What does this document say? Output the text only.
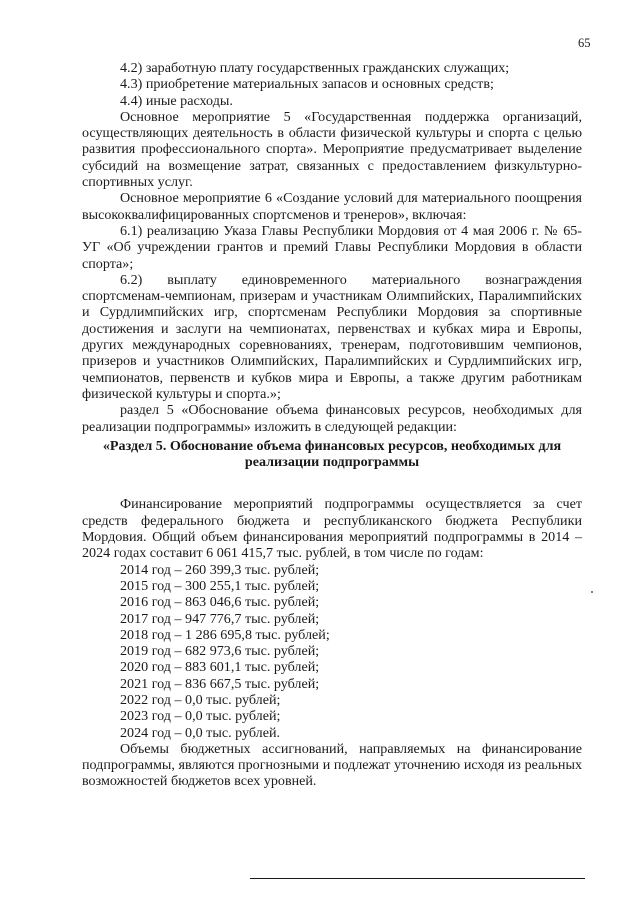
65

4.2) заработную плату государственных гражданских служащих;

4.3) приобретение материальных запасов и основных средств;

4.4) иные расходы.

Основное мероприятие 5 «Государственная поддержка организаций, осуществляющих деятельность в области физической культуры и спорта с целью развития профессионального спорта». Мероприятие предусматривает выделение субсидий на возмещение затрат, связанных с предоставлением физкультурно-спортивных услуг.

Основное мероприятие 6 «Создание условий для материального поощрения высококвалифицированных спортсменов и тренеров», включая:

6.1) реализацию Указа Главы Республики Мордовия от 4 мая 2006 г. № 65-УГ «Об учреждении грантов и премий Главы Республики Мордовия в области спорта»;

6.2) выплату единовременного материального вознаграждения спортсменам-чемпионам, призерам и участникам Олимпийских, Паралимпийских и Сурдлимпийских игр, спортсменам Республики Мордовия за спортивные достижения и заслуги на чемпионатах, первенствах и кубках мира и Европы, других международных соревнованиях, тренерам, подготовившим чемпионов, призеров и участников Олимпийских, Паралимпийских и Сурдлимпийских игр, чемпионатов, первенств и кубков мира и Европы, а также другим работникам физической культуры и спорта.»;

раздел 5 «Обоснование объема финансовых ресурсов, необходимых для реализации подпрограммы» изложить в следующей редакции:

«Раздел 5. Обоснование объема финансовых ресурсов, необходимых для реализации подпрограммы

Финансирование мероприятий подпрограммы осуществляется за счет средств федерального бюджета и республиканского бюджета Республики Мордовия. Общий объем финансирования мероприятий подпрограммы в 2014 – 2024 годах составит 6 061 415,7 тыс. рублей, в том числе по годам:

2014 год – 260 399,3 тыс. рублей;
2015 год – 300 255,1 тыс. рублей;
2016 год – 863 046,6 тыс. рублей;
2017 год – 947 776,7 тыс. рублей;
2018 год – 1 286 695,8 тыс. рублей;
2019 год – 682 973,6 тыс. рублей;
2020 год – 883 601,1 тыс. рублей;
2021 год – 836 667,5 тыс. рублей;
2022 год – 0,0 тыс. рублей;
2023 год – 0,0 тыс. рублей;
2024 год – 0,0 тыс. рублей.

Объемы бюджетных ассигнований, направляемых на финансирование подпрограммы, являются прогнозными и подлежат уточнению исходя из реальных возможностей бюджетов всех уровней.
